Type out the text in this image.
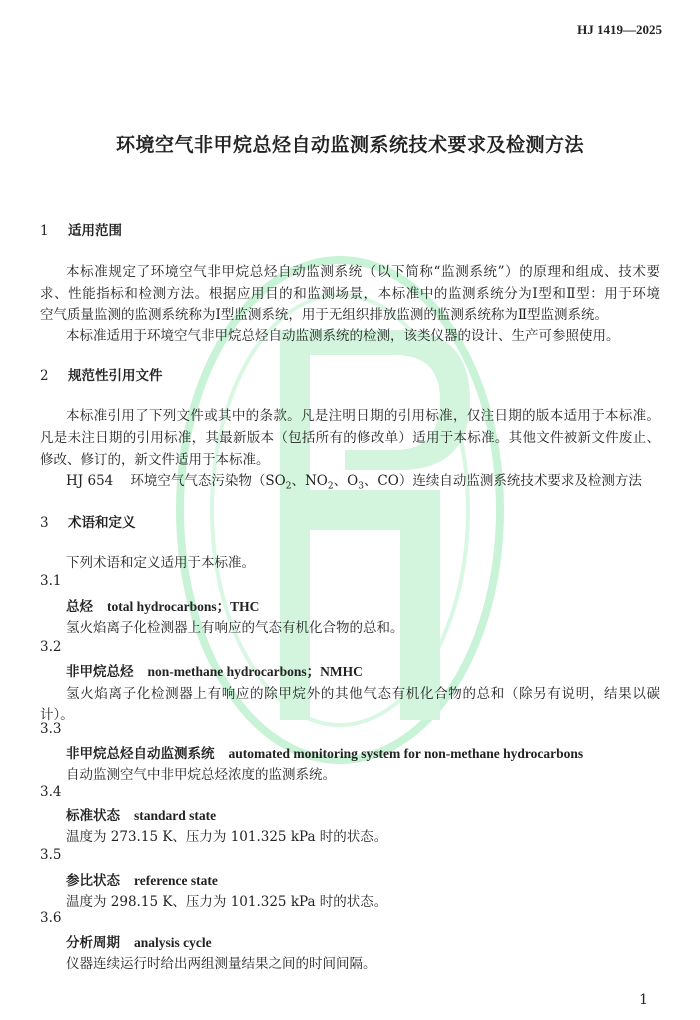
HJ 1419—2025
环境空气非甲烷总烃自动监测系统技术要求及检测方法
1 适用范围
本标准规定了环境空气非甲烷总烃自动监测系统（以下简称“监测系统”）的原理和组成、技术要
求、性能指标和检测方法。根据应用目的和监测场景，本标准中的监测系统分为Ⅰ型和Ⅱ型：用于环境
空气质量监测的监测系统称为Ⅰ型监测系统，用于无组织排放监测的监测系统称为Ⅱ型监测系统。
本标准适用于环境空气非甲烷总烃自动监测系统的检测，该类仪器的设计、生产可参照使用。
2 规范性引用文件
本标准引用了下列文件或其中的条款。凡是注明日期的引用标准，仅注日期的版本适用于本标准。
凡是未注日期的引用标准，其最新版本（包括所有的修改单）适用于本标准。其他文件被新文件废止、
修改、修订的，新文件适用于本标准。
HJ 654 环境空气气态污染物（$SO_2$、$NO_2$、$O_3$、CO）连续自动监测系统技术要求及检测方法
3 术语和定义
下列术语和定义适用于本标准。
3.1
总烃 total hydrocarbons；THC
氢火焰离子化检测器上有响应的气态有机化合物的总和。
3.2
非甲烷总烃 non-methane hydrocarbons；NMHC
氢火焰离子化检测器上有响应的除甲烷外的其他气态有机化合物的总和（除另有说明，结果以碳
计）。
3.3
非甲烷总烃自动监测系统 automated monitoring system for non-methane hydrocarbons
自动监测空气中非甲烷总烃浓度的监测系统。
3.4
标准状态 standard state
温度为 273.15 K、压力为 101.325 kPa 时的状态。
3.5
参比状态 reference state
温度为 298.15 K、压力为 101.325 kPa 时的状态。
3.6
分析周期 analysis cycle
仪器连续运行时给出两组测量结果之间的时间间隔。
1
